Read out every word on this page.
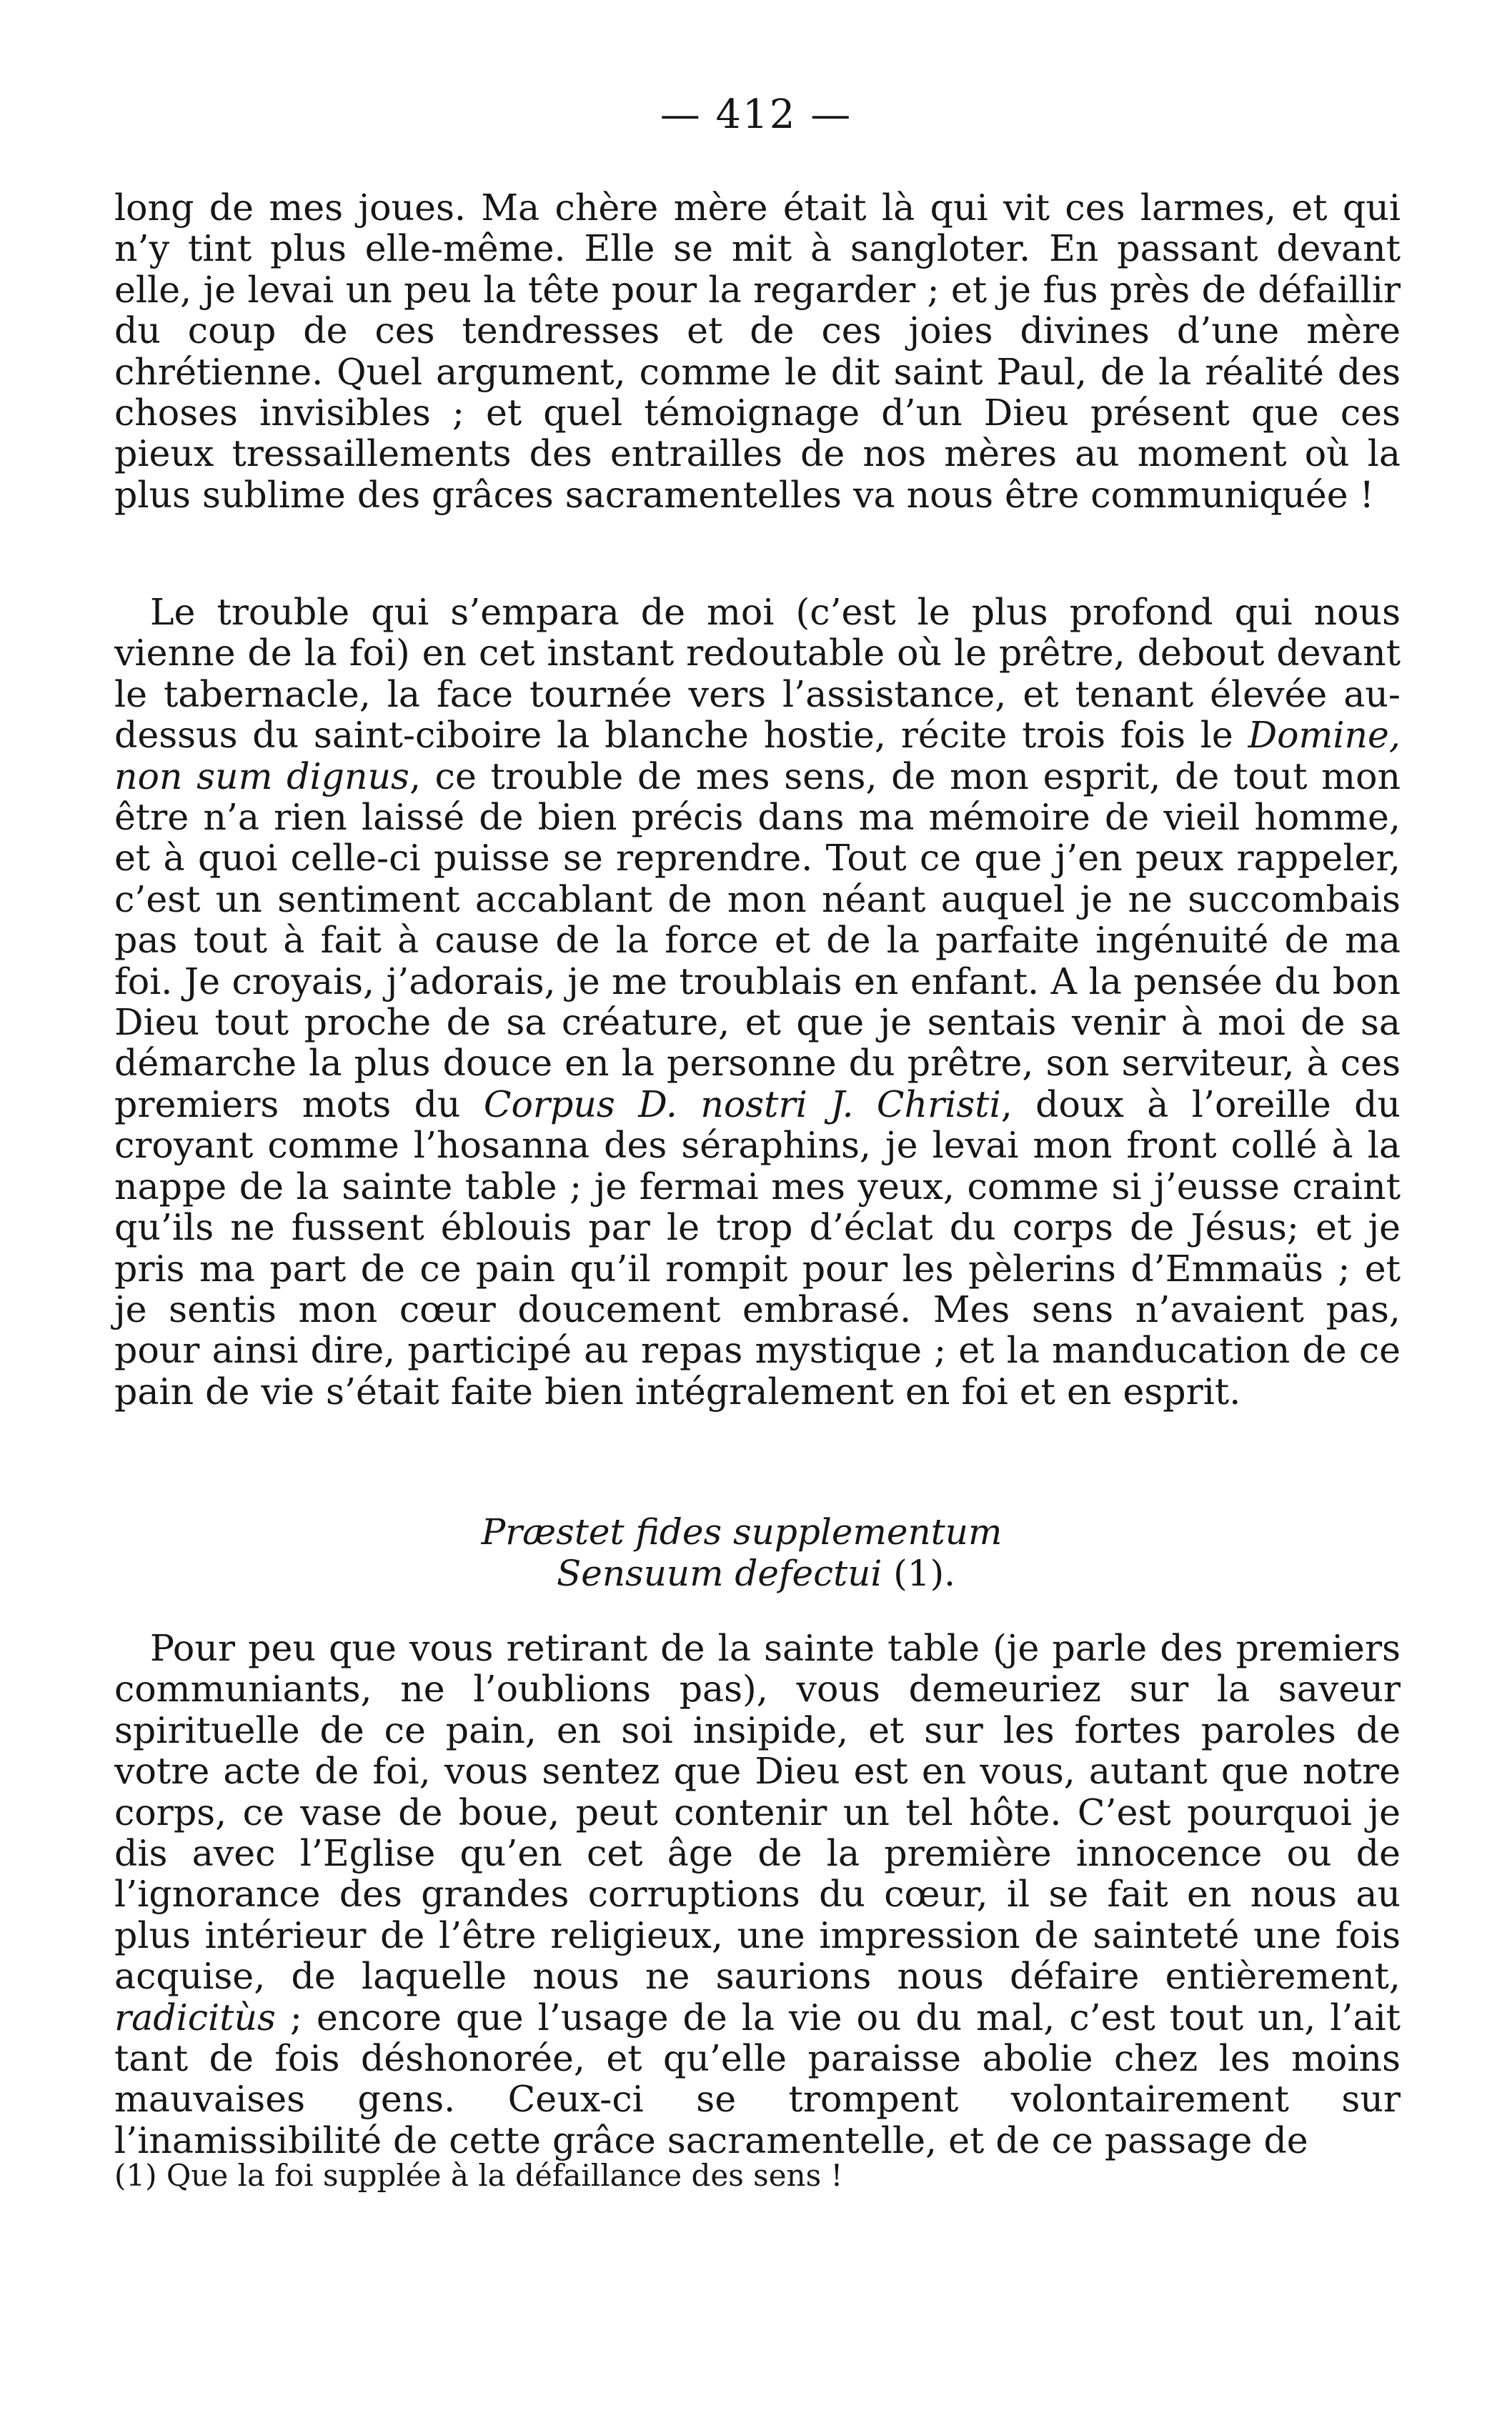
— 412 —

long de mes joues. Ma chère mère était là qui vit ces larmes, et qui n’y tint plus elle-même. Elle se mit à sangloter. En passant devant elle, je levai un peu la tête pour la regarder ; et je fus près de défaillir du coup de ces tendresses et de ces joies divines d’une mère chrétienne. Quel argument, comme le dit saint Paul, de la réalité des choses invisibles ; et quel témoignage d’un Dieu présent que ces pieux tressaillements des entrailles de nos mères au moment où la plus sublime des grâces sacramentelles va nous être communiquée !

Le trouble qui s’empara de moi (c’est le plus profond qui nous vienne de la foi) en cet instant redoutable où le prêtre, debout devant le tabernacle, la face tournée vers l’assistance, et tenant élevée au-dessus du saint-ciboire la blanche hostie, récite trois fois le Domine, non sum dignus, ce trouble de mes sens, de mon esprit, de tout mon être n’a rien laissé de bien précis dans ma mémoire de vieil homme, et à quoi celle-ci puisse se reprendre. Tout ce que j’en peux rappeler, c’est un sentiment accablant de mon néant auquel je ne succombais pas tout à fait à cause de la force et de la parfaite ingénuité de ma foi. Je croyais, j’adorais, je me troublais en enfant. A la pensée du bon Dieu tout proche de sa créature, et que je sentais venir à moi de sa démarche la plus douce en la personne du prêtre, son serviteur, à ces premiers mots du Corpus D. nostri J. Christi, doux à l’oreille du croyant comme l’hosanna des séraphins, je levai mon front collé à la nappe de la sainte table ; je fermai mes yeux, comme si j’eusse craint qu’ils ne fussent éblouis par le trop d’éclat du corps de Jésus; et je pris ma part de ce pain qu’il rompit pour les pèlerins d’Emmaüs ; et je sentis mon cœur doucement embrasé. Mes sens n’avaient pas, pour ainsi dire, participé au repas mystique ; et la manducation de ce pain de vie s’était faite bien intégralement en foi et en esprit.

Præstet fides supplementum
Sensuum defectui (1).

Pour peu que vous retirant de la sainte table (je parle des premiers communiants, ne l’oublions pas), vous demeuriez sur la saveur spirituelle de ce pain, en soi insipide, et sur les fortes paroles de votre acte de foi, vous sentez que Dieu est en vous, autant que notre corps, ce vase de boue, peut contenir un tel hôte. C’est pourquoi je dis avec l’Eglise qu’en cet âge de la première innocence ou de l’ignorance des grandes corruptions du cœur, il se fait en nous au plus intérieur de l’être religieux, une impression de sainteté une fois acquise, de laquelle nous ne saurions nous défaire entièrement, radicitùs ; encore que l’usage de la vie ou du mal, c’est tout un, l’ait tant de fois déshonorée, et qu’elle paraisse abolie chez les moins mauvaises gens. Ceux-ci se trompent volontairement sur l’inamissibilité de cette grâce sacramentelle, et de ce passage de

(1) Que la foi supplée à la défaillance des sens !
